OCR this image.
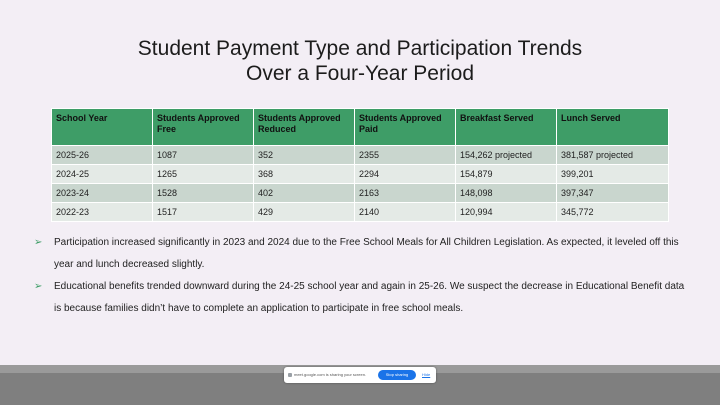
Student Payment Type and Participation Trends
Over a Four-Year Period
School Year	Students Approved Free	Students Approved Reduced	Students Approved Paid	Breakfast Served	Lunch Served
2025-26	1087	352	2355	154,262 projected	381,587 projected
2024-25	1265	368	2294	154,879	399,201
2023-24	1528	402	2163	148,098	397,347
2022-23	1517	429	2140	120,994	345,772
➢ Participation increased significantly in 2023 and 2024 due to the Free School Meals for All Children Legislation. As expected, it leveled off this year and lunch decreased slightly.
➢ Educational benefits trended downward during the 24-25 school year and again in 25-26. We suspect the decrease in Educational Benefit data is because families didn’t have to complete an application to participate in free school meals.
meet.google.com is sharing your screen.	Stop sharing	Hide
